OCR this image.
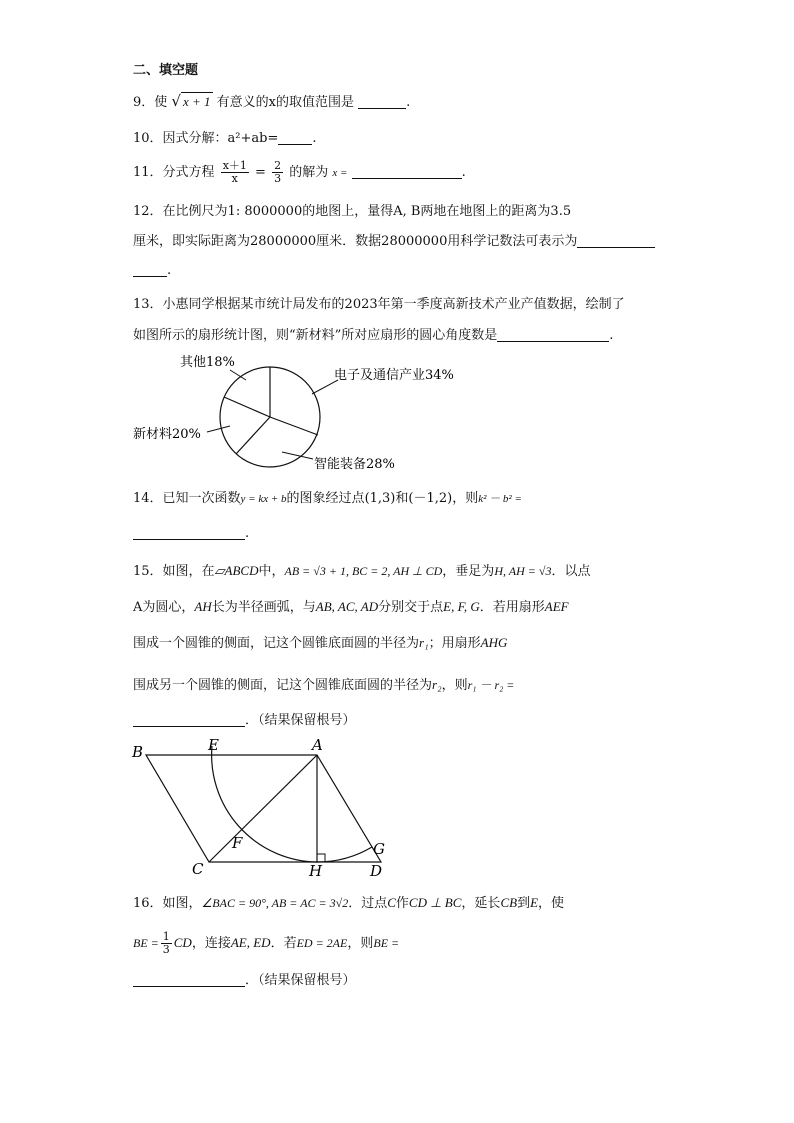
二、填空题
9．使 √ x + 1 有意义的x的取值范围是	.
10．因式分解：a²+ab=	.
11．分式方程 $\frac{x+1}{x} = \frac{2}{3}$ 的解为 x =	.
12．在比例尺为1: 8000000的地图上，量得A, B两地在地图上的距离为3.5
厘米，即实际距离为28000000厘米．数据28000000用科学记数法可表示为
.
13．小惠同学根据某市统计局发布的2023年第一季度高新技术产业产值数据，绘制了
如图所示的扇形统计图，则“新材料”所对应扇形的圆心角度数是	.
其他18%
电子及通信产业34%
新材料20%
智能装备28%
14．已知一次函数y = kx + b的图象经过点(1,3)和(－1,2)，则k² － b² =
.
15．如图，在▱ABCD中，AB = √3 + 1, BC = 2, AH ⊥ CD，垂足为H, AH = √3．以点
A为圆心，AH长为半径画弧，与AB, AC, AD分别交于点E, F, G．若用扇形AEF
围成一个圆锥的侧面，记这个圆锥底面圆的半径为r₁；用扇形AHG
围成另一个圆锥的侧面，记这个圆锥底面圆的半径为r₂，则r₁ － r₂ =
．（结果保留根号）
B	E	A
F
C	H	D
G
16．如图，∠BAC = 90°, AB = AC = 3√2．过点C作CD ⊥ BC，延长CB到E，使
BE = $\frac{1}{3}$ CD，连接AE, ED．若ED = 2AE，则BE =
．（结果保留根号）
